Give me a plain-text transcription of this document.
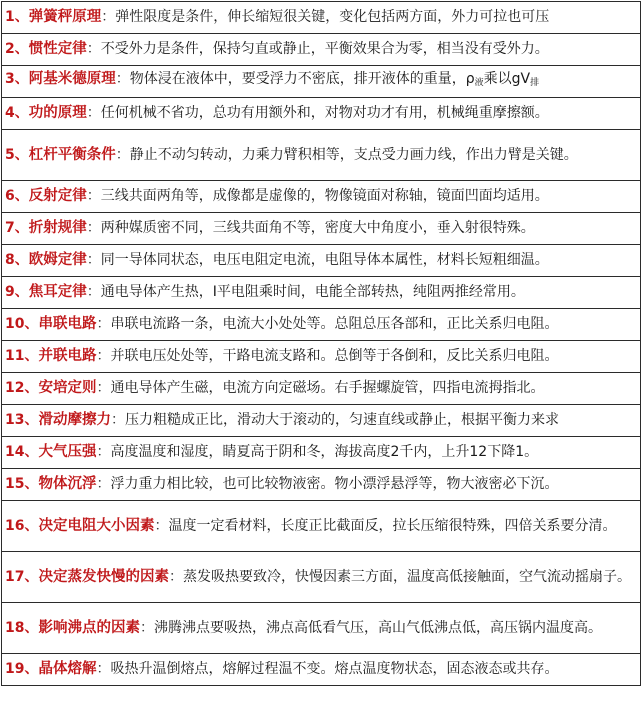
1、弹簧秤原理：弹性限度是条件，伸长缩短很关键，变化包括两方面，外力可拉也可压
2、惯性定律：不受外力是条件，保持匀直或静止，平衡效果合为零，相当没有受外力。
3、阿基米德原理：物体浸在液体中，要受浮力不密底，排开液体的重量，$\rho_液$乘以$gV_排$
4、功的原理：任何机械不省功，总功有用额外和，对物对功才有用，机械绳重摩擦额。
5、杠杆平衡条件：静止不动匀转动，力乘力臂积相等，支点受力画力线，作出力臂是关键。
6、反射定律：三线共面两角等，成像都是虚像的，物像镜面对称轴，镜面凹面均适用。
7、折射规律：两种媒质密不同，三线共面角不等，密度大中角度小，垂入射很特殊。
8、欧姆定律：同一导体同状态，电压电阻定电流，电阻导体本属性，材料长短粗细温。
9、焦耳定律：通电导体产生热，I平电阻乘时间，电能全部转热，纯阻两推经常用。
10、串联电路：串联电流路一条，电流大小处处等。总阻总压各部和，正比关系归电阻。
11、并联电路：并联电压处处等，干路电流支路和。总倒等于各倒和，反比关系归电阻。
12、安培定则：通电导体产生磁，电流方向定磁场。右手握螺旋管，四指电流拇指北。
13、滑动摩擦力：压力粗糙成正比，滑动大于滚动的，匀速直线或静止，根据平衡力来求
14、大气压强：高度温度和湿度，睛夏高于阴和冬，海拔高度2千内，上升12下降1。
15、物体沉浮：浮力重力相比较，也可比较物液密。物小漂浮悬浮等，物大液密必下沉。
16、决定电阻大小因素：温度一定看材料，长度正比截面反，拉长压缩很特殊，四倍关系要分清。
17、决定蒸发快慢的因素：蒸发吸热要致冷，快慢因素三方面，温度高低接触面，空气流动摇扇子。
18、影响沸点的因素：沸腾沸点要吸热，沸点高低看气压，高山气低沸点低，高压锅内温度高。
19、晶体熔解：吸热升温倒熔点，熔解过程温不变。熔点温度物状态，固态液态或共存。
